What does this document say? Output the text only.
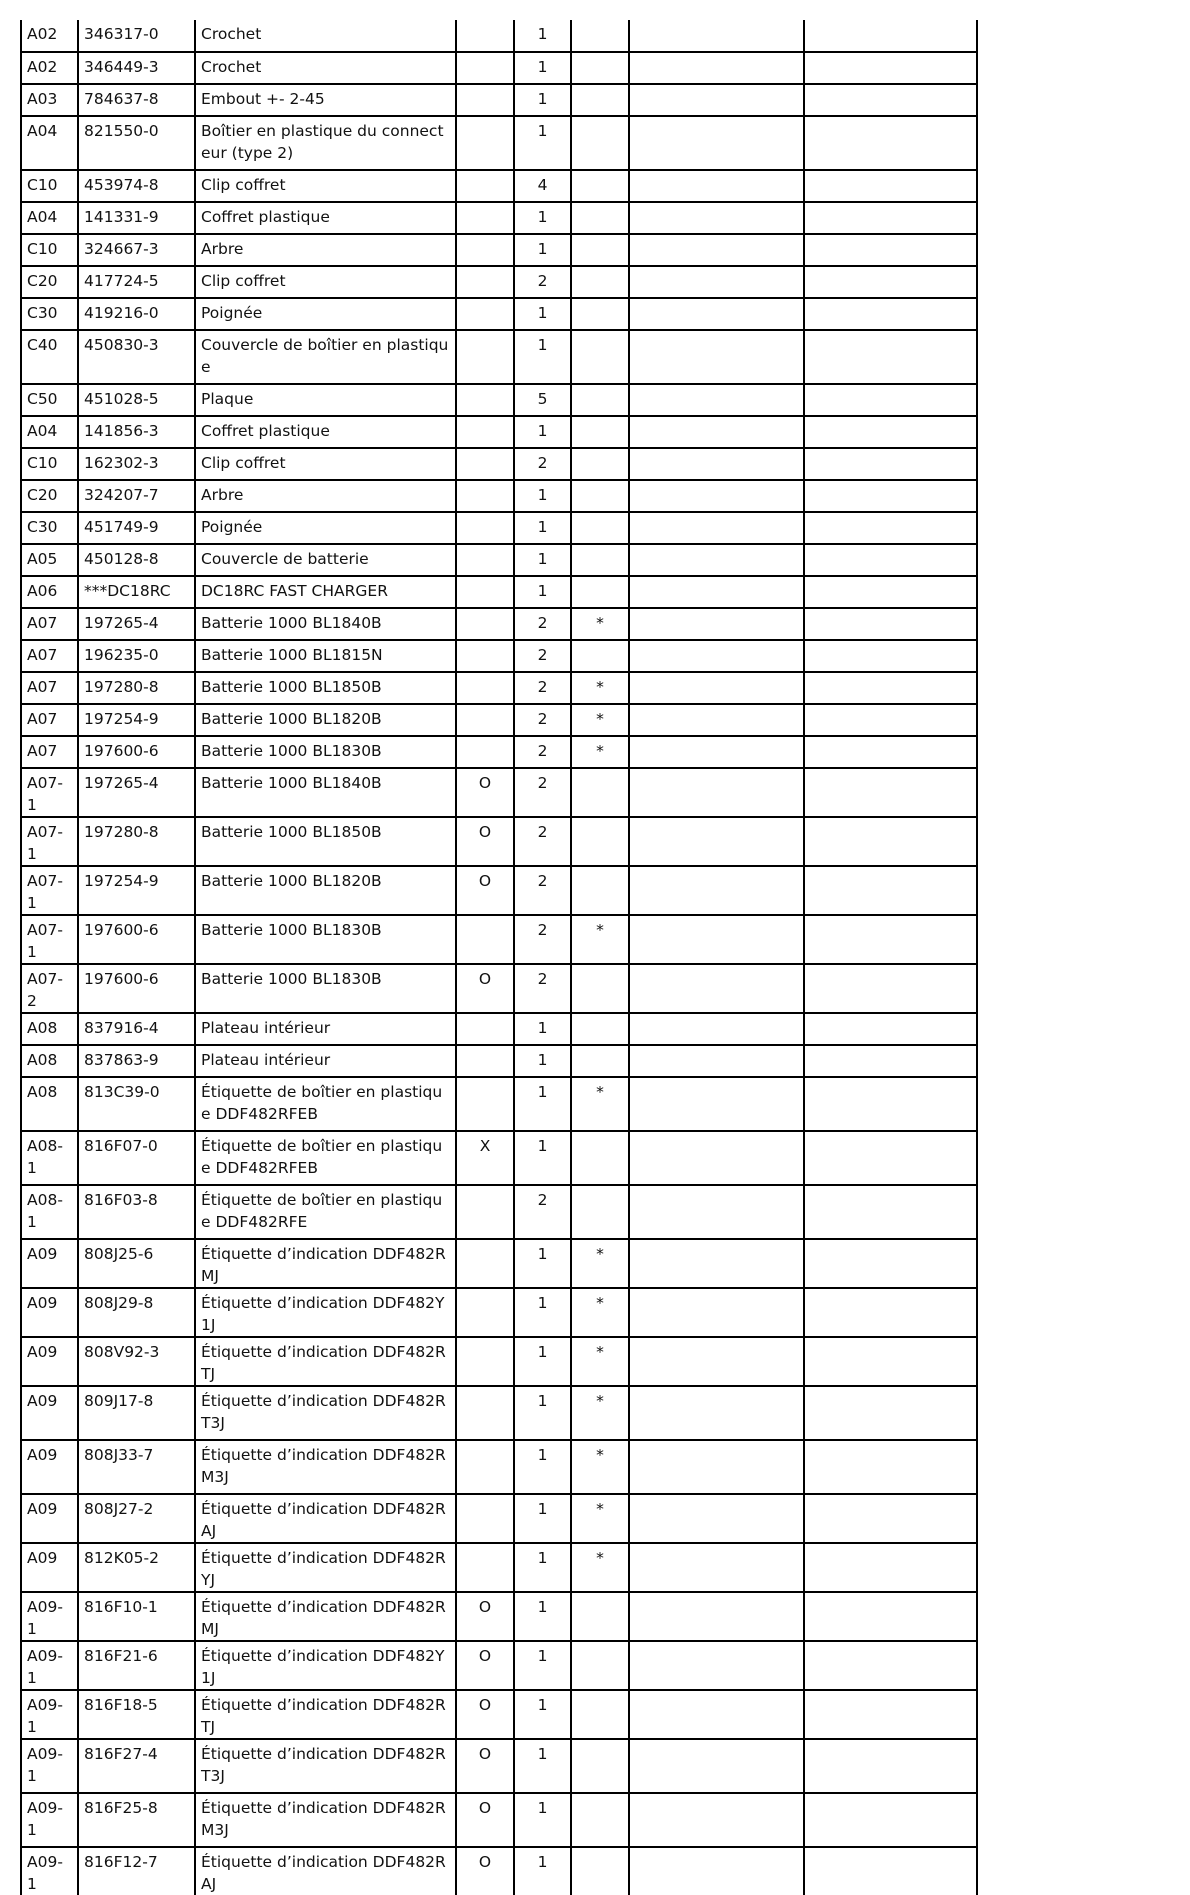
A02	346317-0	Crochet		1			
A02	346449-3	Crochet		1			
A03	784637-8	Embout +- 2-45		1			
A04	821550-0	Boîtier en plastique du connecteur (type 2)		1			
C10	453974-8	Clip coffret		4			
A04	141331-9	Coffret plastique		1			
C10	324667-3	Arbre		1			
C20	417724-5	Clip coffret		2			
C30	419216-0	Poignée		1			
C40	450830-3	Couvercle de boîtier en plastique		1			
C50	451028-5	Plaque		5			
A04	141856-3	Coffret plastique		1			
C10	162302-3	Clip coffret		2			
C20	324207-7	Arbre		1			
C30	451749-9	Poignée		1			
A05	450128-8	Couvercle de batterie		1			
A06	***DC18RC	DC18RC FAST CHARGER		1			
A07	197265-4	Batterie 1000 BL1840B		2	*		
A07	196235-0	Batterie 1000 BL1815N		2			
A07	197280-8	Batterie 1000 BL1850B		2	*		
A07	197254-9	Batterie 1000 BL1820B		2	*		
A07	197600-6	Batterie 1000 BL1830B		2	*		
A07-1	197265-4	Batterie 1000 BL1840B	O	2			
A07-1	197280-8	Batterie 1000 BL1850B	O	2			
A07-1	197254-9	Batterie 1000 BL1820B	O	2			
A07-1	197600-6	Batterie 1000 BL1830B		2	*		
A07-2	197600-6	Batterie 1000 BL1830B	O	2			
A08	837916-4	Plateau intérieur		1			
A08	837863-9	Plateau intérieur		1			
A08	813C39-0	Étiquette de boîtier en plastique DDF482RFEB		1	*		
A08-1	816F07-0	Étiquette de boîtier en plastique DDF482RFEB	X	1			
A08-1	816F03-8	Étiquette de boîtier en plastique DDF482RFE		2			
A09	808J25-6	Étiquette d’indication DDF482RMJ		1	*		
A09	808J29-8	Étiquette d’indication DDF482Y1J		1	*		
A09	808V92-3	Étiquette d’indication DDF482RTJ		1	*		
A09	809J17-8	Étiquette d’indication DDF482RT3J		1	*		
A09	808J33-7	Étiquette d’indication DDF482RM3J		1	*		
A09	808J27-2	Étiquette d’indication DDF482RAJ		1	*		
A09	812K05-2	Étiquette d’indication DDF482RYJ		1	*		
A09-1	816F10-1	Étiquette d’indication DDF482RMJ	O	1			
A09-1	816F21-6	Étiquette d’indication DDF482Y1J	O	1			
A09-1	816F18-5	Étiquette d’indication DDF482RTJ	O	1			
A09-1	816F27-4	Étiquette d’indication DDF482RT3J	O	1			
A09-1	816F25-8	Étiquette d’indication DDF482RM3J	O	1			
A09-1	816F12-7	Étiquette d’indication DDF482RAJ	O	1			
